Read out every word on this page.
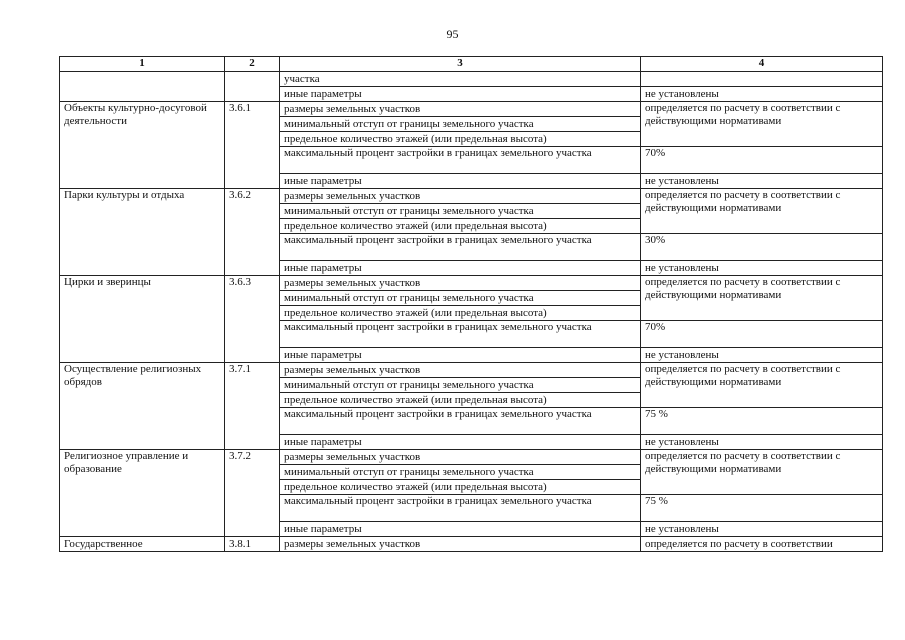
95
1	2	3	4
		участка	
		иные параметры	не установлены
Объекты культурно-досуговой деятельности	3.6.1	размеры земельных участков	определяется по расчету в соответствии с действующими нормативами
		минимальный отступ от границы земельного участка	
		предельное количество этажей (или предельная высота)	
		максимальный процент застройки в границах земельного участка	70%
		иные параметры	не установлены
Парки культуры и отдыха	3.6.2	размеры земельных участков	определяется по расчету в соответствии с действующими нормативами
		минимальный отступ от границы земельного участка	
		предельное количество этажей (или предельная высота)	
		максимальный процент застройки в границах земельного участка	30%
		иные параметры	не установлены
Цирки и зверинцы	3.6.3	размеры земельных участков	определяется по расчету в соответствии с действующими нормативами
		минимальный отступ от границы земельного участка	
		предельное количество этажей (или предельная высота)	
		максимальный процент застройки в границах земельного участка	70%
		иные параметры	не установлены
Осуществление религиозных обрядов	3.7.1	размеры земельных участков	определяется по расчету в соответствии с действующими нормативами
		минимальный отступ от границы земельного участка	
		предельное количество этажей (или предельная высота)	
		максимальный процент застройки в границах земельного участка	75 %
		иные параметры	не установлены
Религиозное управление и образование	3.7.2	размеры земельных участков	определяется по расчету в соответствии с действующими нормативами
		минимальный отступ от границы земельного участка	
		предельное количество этажей (или предельная высота)	
		максимальный процент застройки в границах земельного участка	75 %
		иные параметры	не установлены
Государственное	3.8.1	размеры земельных участков	определяется по расчету в соответствии
